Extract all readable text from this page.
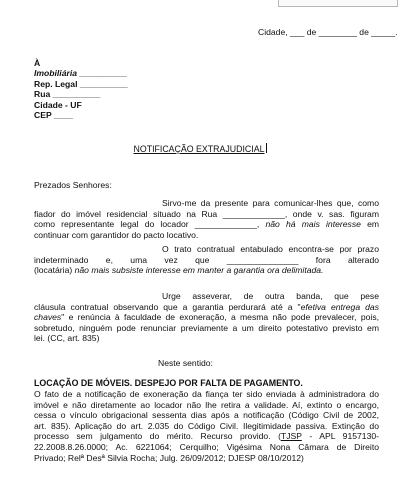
Cidade, ___ de ________ de _____.
À
Imobiliária __________
Rep. Legal __________
Rua __________
Cidade - UF
CEP ____
NOTIFICAÇÃO EXTRAJUDICIAL
Prezados Senhores:
Sirvo-me da presente para comunicar-lhes que, como
fiador do imóvel residencial situado na Rua _____________, onde v. sas. figuram
como representante legal do locador _____________, não há mais interesse em
continuar com garantidor do pacto locativo.
O trato contratual entabulado encontra-se por prazo
indeterminado e, uma vez que _______________ fora alterado
(locatária) não mais subsiste interesse em manter a garantia ora delimitada.
Urge asseverar, de outra banda, que pese
cláusula contratual observando que a garantia perdurará até a "efetiva entrega das
chaves" e renúncia à faculdade de exoneração, a mesma não pode prevalecer, pois,
sobretudo, ninguém pode renunciar previamente a um direito potestativo previsto em
lei. (CC, art. 835)
Neste sentido:
LOCAÇÃO DE MÓVEIS. DESPEJO POR FALTA DE PAGAMENTO.
O fato de a notificação de exoneração da fiança ter sido enviada à administradora do
imóvel e não diretamente ao locador não lhe retira a validade. Aí, extinto o encargo,
cessa o vínculo obrigacional sessenta dias após a notificação (Código Civil de 2002,
art. 835). Aplicação do art. 2.035 do Código Civil. Ilegitimidade passiva. Extinção do
processo sem julgamento do mérito. Recurso provido. (TJSP - APL 9157130-
22.2008.8.26.0000; Ac. 6221064; Cerquilho; Vigésima Nona Câmara de Direito
Privado; Relª Desª Silvia Rocha; Julg. 26/09/2012; DJESP 08/10/2012)
